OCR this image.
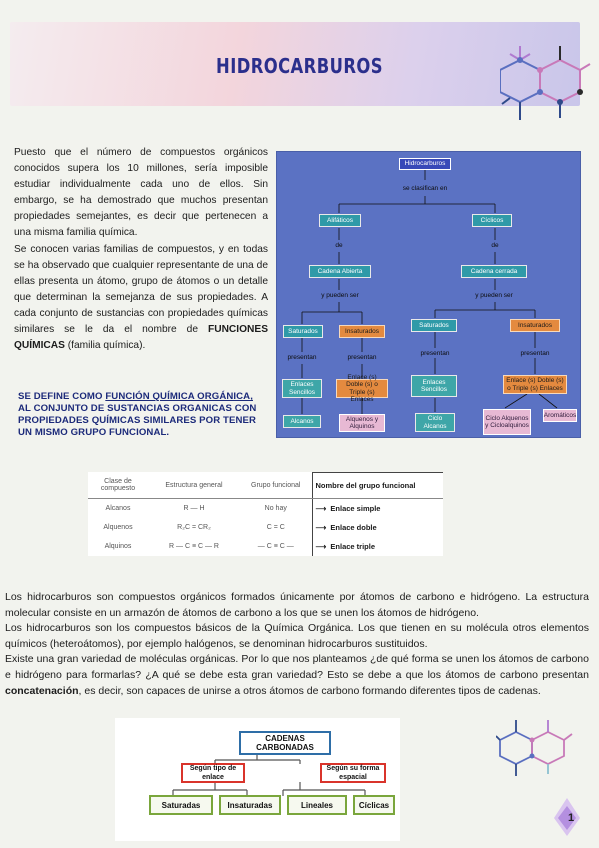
HIDROCARBUROS

Puesto que el número de compuestos orgánicos conocidos supera los 10 millones, sería imposible estudiar individualmente cada uno de ellos. Sin embargo, se ha demostrado que muchos presentan propiedades semejantes, es decir que pertenecen a una misma familia química.

Se conocen varias familias de compuestos, y en todas se ha observado que cualquier representante de una de ellas presenta un átomo, grupo de átomos o un detalle que determinan la semejanza de sus propiedades. A cada conjunto de sustancias con propiedades químicas similares se le da el nombre de FUNCIONES QUÍMICAS (familia química).

SE DEFINE COMO FUNCIÓN QUÍMICA ORGÁNICA, AL CONJUNTO DE SUSTANCIAS ORGANICAS CON PROPIEDADES QUÍMICAS SIMILARES POR TENER UN MISMO GRUPO FUNCIONAL.
Hidrocarburos
se clasifican en
Alifáticos	Cíclicos
de	de
Cadena Abierta	Cadena cerrada
y pueden ser	y pueden ser
Saturados	Insaturados
Saturados	Insaturados
presentan	presentan
presentan	presentan
Enlaces Sencillos
Enlace (s) Doble (s) o Triple (s) Enlaces
Enlaces Sencillos
Enlace (s) Doble (s) o Triple (s) Enlaces
Alcanos	Alquenos y Alquinos
Ciclo Alcanos
Ciclo Alquenos y Cicloalquinos
Aromáticos
Clase de compuesto	Estructura general	Grupo funcional	Nombre del grupo funcional
Alcanos	R — H	No hay	⟶  Enlace simple
Alquenos	R₂C = CR₂	C = C	⟶  Enlace doble
Alquinos	R — C ≡ C — R	— C ≡ C —	⟶  Enlace triple

Los hidrocarburos son compuestos orgánicos formados únicamente por átomos de carbono e hidrógeno. La estructura molecular consiste en un armazón de átomos de carbono a los que se unen los átomos de hidrógeno.

Los hidrocarburos son los compuestos básicos de la Química Orgánica. Los que tienen en su molécula otros elementos químicos (heteroátomos), por ejemplo halógenos, se denominan hidrocarburos sustituidos.

Existe una gran variedad de moléculas orgánicas. Por lo que nos planteamos ¿de qué forma se unen los átomos de carbono e hidrógeno para formarlas? ¿A qué se debe esta gran variedad? Esto se debe a que los átomos de carbono presentan concatenación, es decir, son capaces de unirse a otros átomos de carbono formando diferentes tipos de cadenas.

CADENAS CARBONADAS
Según tipo de enlace
Según su forma espacial
Saturadas	Insaturadas	Lineales	Cíclicas
1
